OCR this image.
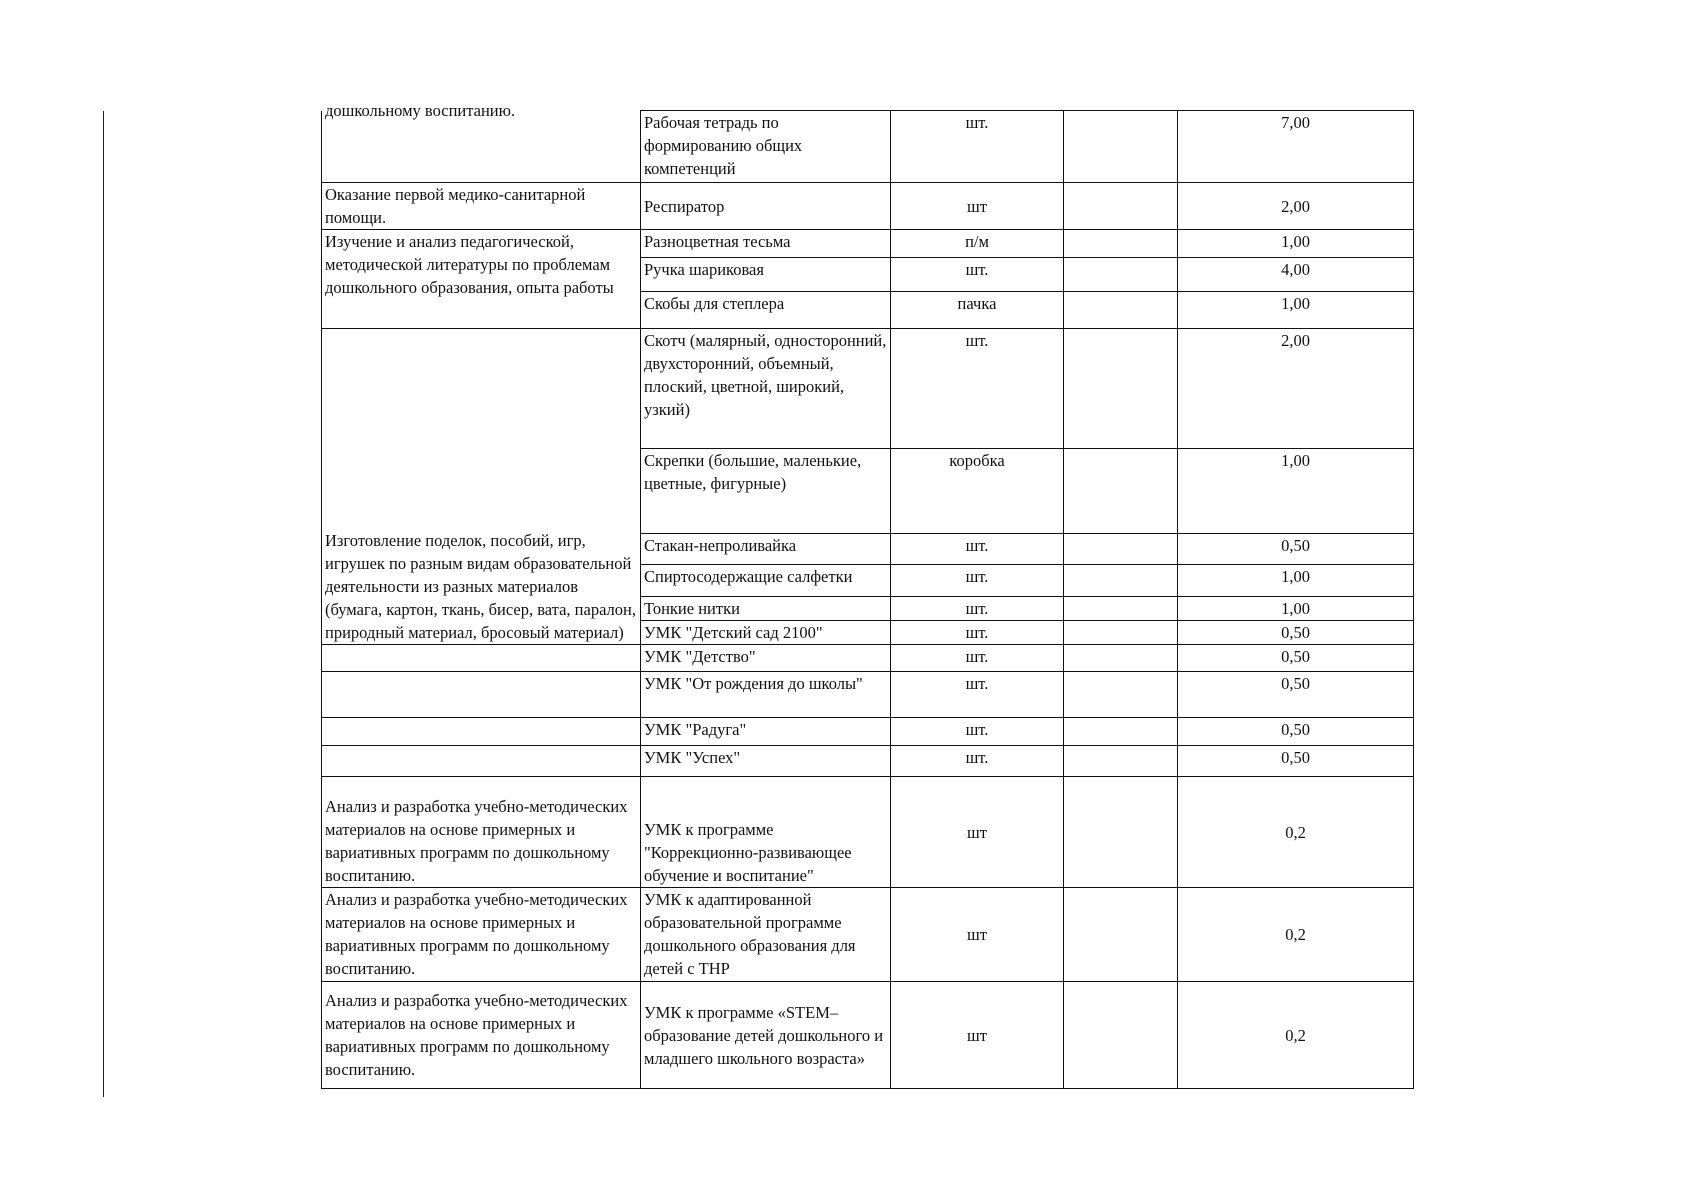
дошкольному воспитанию.	Рабочая тетрадь по формированию общих компетенций	шт.		7,00
Оказание первой медико-санитарной помощи.	Респиратор	шт		2,00
Изучение и анализ педагогической, методической литературы по проблемам дошкольного образования, опыта работы	Разноцветная тесьма	п/м		1,00
	Ручка шариковая	шт.		4,00
	Скобы для степлера	пачка		1,00
Изготовление поделок, пособий, игр, игрушек по разным видам образовательной деятельности из разных материалов (бумага, картон, ткань, бисер, вата, паралон, природный материал, бросовый материал)	Скотч (малярный, односторонний, двухсторонний, объемный, плоский, цветной, широкий, узкий)	шт.		2,00
	Скрепки (большие, маленькие, цветные, фигурные)	коробка		1,00
	Стакан-непроливайка	шт.		0,50
	Спиртосодержащие салфетки	шт.		1,00
	Тонкие нитки	шт.		1,00
	УМК "Детский сад 2100"	шт.		0,50
	УМК "Детство"	шт.		0,50
	УМК "От рождения до школы"	шт.		0,50
	УМК "Радуга"	шт.		0,50
	УМК "Успех"	шт.		0,50
Анализ и разработка учебно-методических материалов на основе примерных и вариативных программ по дошкольному воспитанию.	УМК к программе "Коррекционно-развивающее обучение и воспитание"	шт		0,2
Анализ и разработка учебно-методических материалов на основе примерных и вариативных программ по дошкольному воспитанию.	УМК к адаптированной образовательной программе дошкольного образования для детей с ТНР	шт		0,2
Анализ и разработка учебно-методических материалов на основе примерных и вариативных программ по дошкольному воспитанию.	УМК к программе «STEM–образование детей дошкольного и младшего школьного возраста»	шт		0,2
